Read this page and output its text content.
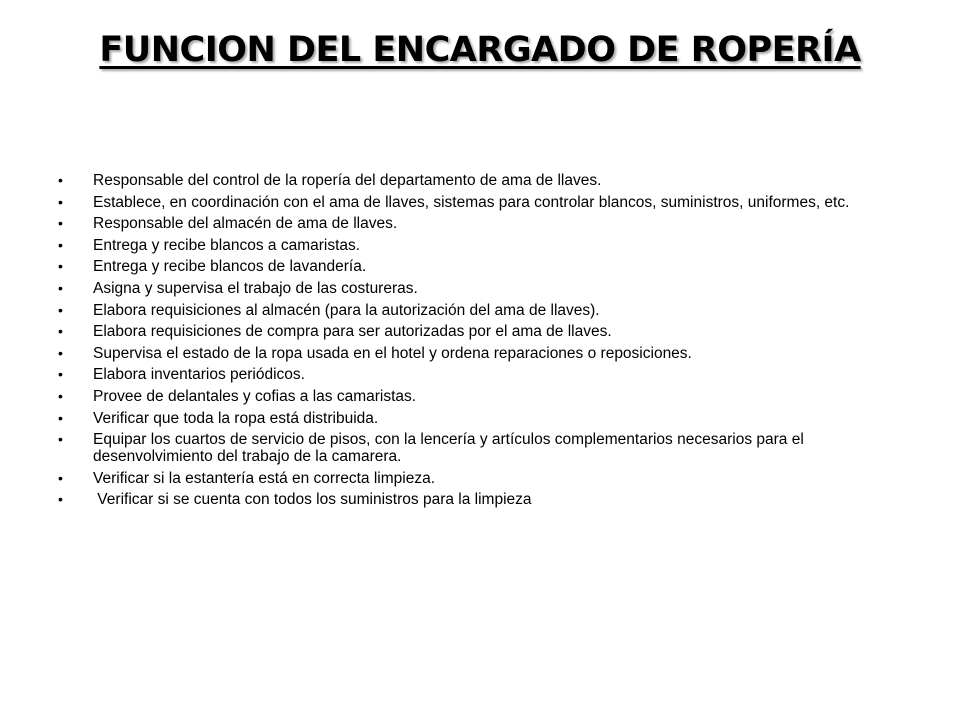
FUNCION DEL ENCARGADO DE ROPERÍA
• Responsable del control de la ropería del departamento de ama de llaves.
• Establece, en coordinación con el ama de llaves, sistemas para controlar blancos, suministros, uniformes, etc.
• Responsable del almacén de ama de llaves.
• Entrega y recibe blancos a camaristas.
• Entrega y recibe blancos de lavandería.
• Asigna y supervisa el trabajo de las costureras.
• Elabora requisiciones al almacén (para la autorización del ama de llaves).
• Elabora requisiciones de compra para ser autorizadas por el ama de llaves.
• Supervisa el estado de la ropa usada en el hotel y ordena reparaciones o reposiciones.
• Elabora inventarios periódicos.
• Provee de delantales y cofias a las camaristas.
• Verificar que toda la ropa está distribuida.
• Equipar los cuartos de servicio de pisos, con la lencería y artículos complementarios necesarios para el desenvolvimiento del trabajo de la camarera.
• Verificar si la estantería está en correcta limpieza.
• Verificar si se cuenta con todos los suministros para la limpieza
